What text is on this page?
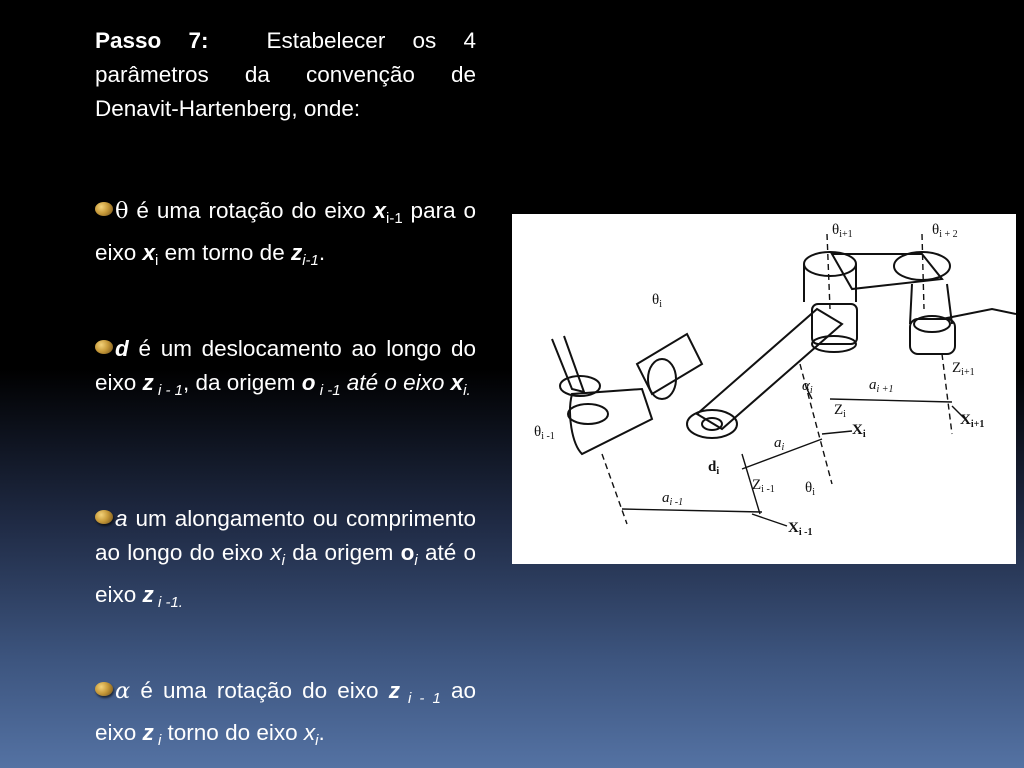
Passo 7:	Estabelecer os 4 parâmetros da convenção de Denavit-Hartenberg, onde:

θ é uma rotação do eixo $x_{i-1}$ para o eixo $x_i$ em torno de $z_{i-1}$.

d é um deslocamento ao longo do eixo z $_{i - 1}$, da origem o $_{i -1}$ até o eixo $x_{i.}$

a um alongamento ou comprimento ao longo do eixo $x_i$ da origem $o_i$ até o eixo z $_{i -1.}$

α é uma rotação do eixo z $_{i - 1}$ ao eixo z $_i$ torno do eixo $x_i$.

$\theta_{i+1}$	$\theta_{i + 2}$
$\theta_i$
$\theta_{i -1}$
$\alpha_i$	$a_{i +1}$
$Z_{i+1}$
$Z_i$
$X_i$
$X_{i+1}$
$a_i$
$d_i$
$Z_{i -1}$ $\theta_i$
$a_{i -1}$
$X_{i -1}$
